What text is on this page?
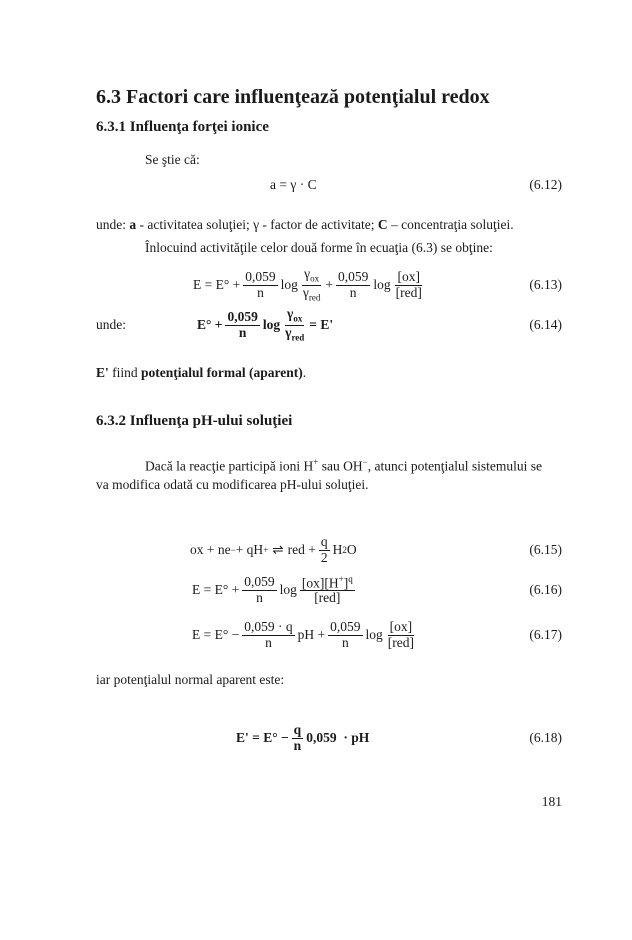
6.3 Factori care influenţează potenţialul redox
6.3.1 Influenţa forţei ionice
Se ştie că:
a = γ · C	(6.12)
unde: a - activitatea soluţiei; γ - factor de activitate; C – concentraţia soluţiei.
Înlocuind activităţile celor două forme în ecuaţia (6.3) se obţine:
$E = E^\circ + \frac{0,059}{n}$ $\log \frac{\gamma_{ox}}{\gamma_{red}} + \frac{0,059}{n}$ $\log \frac{[ox]}{\text{[red]}}$	(6.13)
unde:	$E^\circ + \frac{0,059}{n}$ $\log \frac{\gamma_{ox}}{\gamma_{red}} = E'$	(6.14)
E' fiind potenţialul formal (aparent).
6.3.2 Influenţa pH-ului soluţiei
Dacă la reacţie participă ioni H+ sau OH−, atunci potenţialul sistemului se
va modifica odată cu modificarea pH-ului soluţiei.
ox + ne − + qH + ⇌ red + $\frac{q}{2}$ H 2 O	(6.15)
$E = E^\circ + \frac{0,059}{n}$ $\log \frac{[ox][H^+]^q}{\text{[red]}}$	(6.16)
$E = E^\circ - \frac{0,059 \cdot q}{n}$ pH + $\frac{0,059}{n}$ $\log \frac{[ox]}{\text{[red]}}$	(6.17)
iar potenţialul normal aparent este:
$E' = E^\circ - \frac{q}{n} 0,059$  · pH	(6.18)
181
